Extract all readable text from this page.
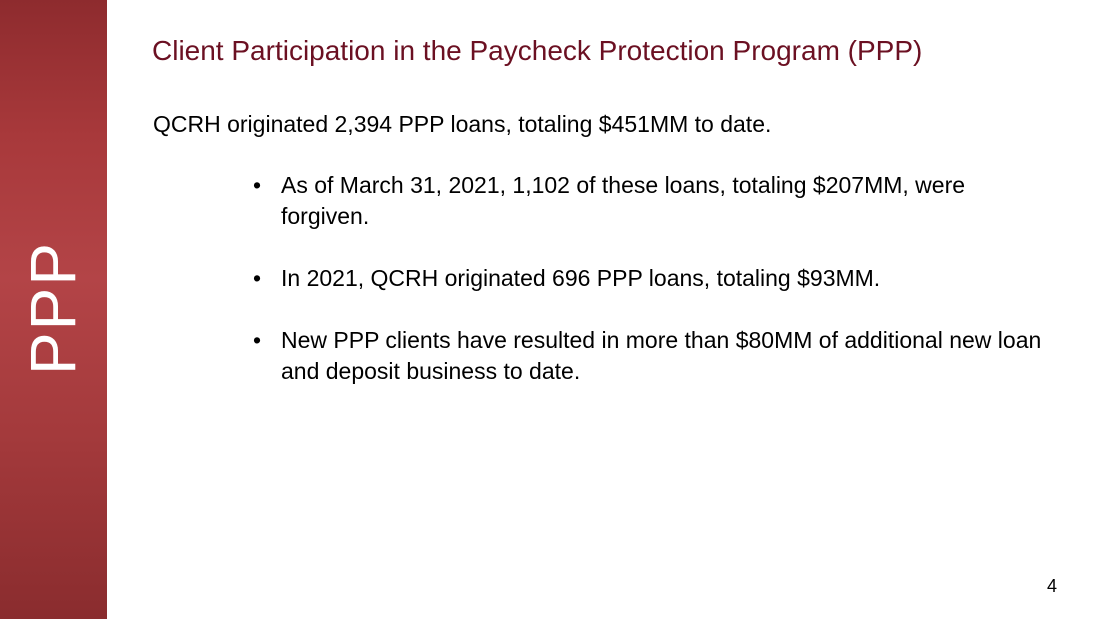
PPP
Client Participation in the Paycheck Protection Program (PPP)
QCRH originated 2,394 PPP loans, totaling $451MM to date.
• As of March 31, 2021, 1,102 of these loans, totaling $207MM, were forgiven.
• In 2021, QCRH originated 696 PPP loans, totaling $93MM.
• New PPP clients have resulted in more than $80MM of additional new loan and deposit business to date.
4
